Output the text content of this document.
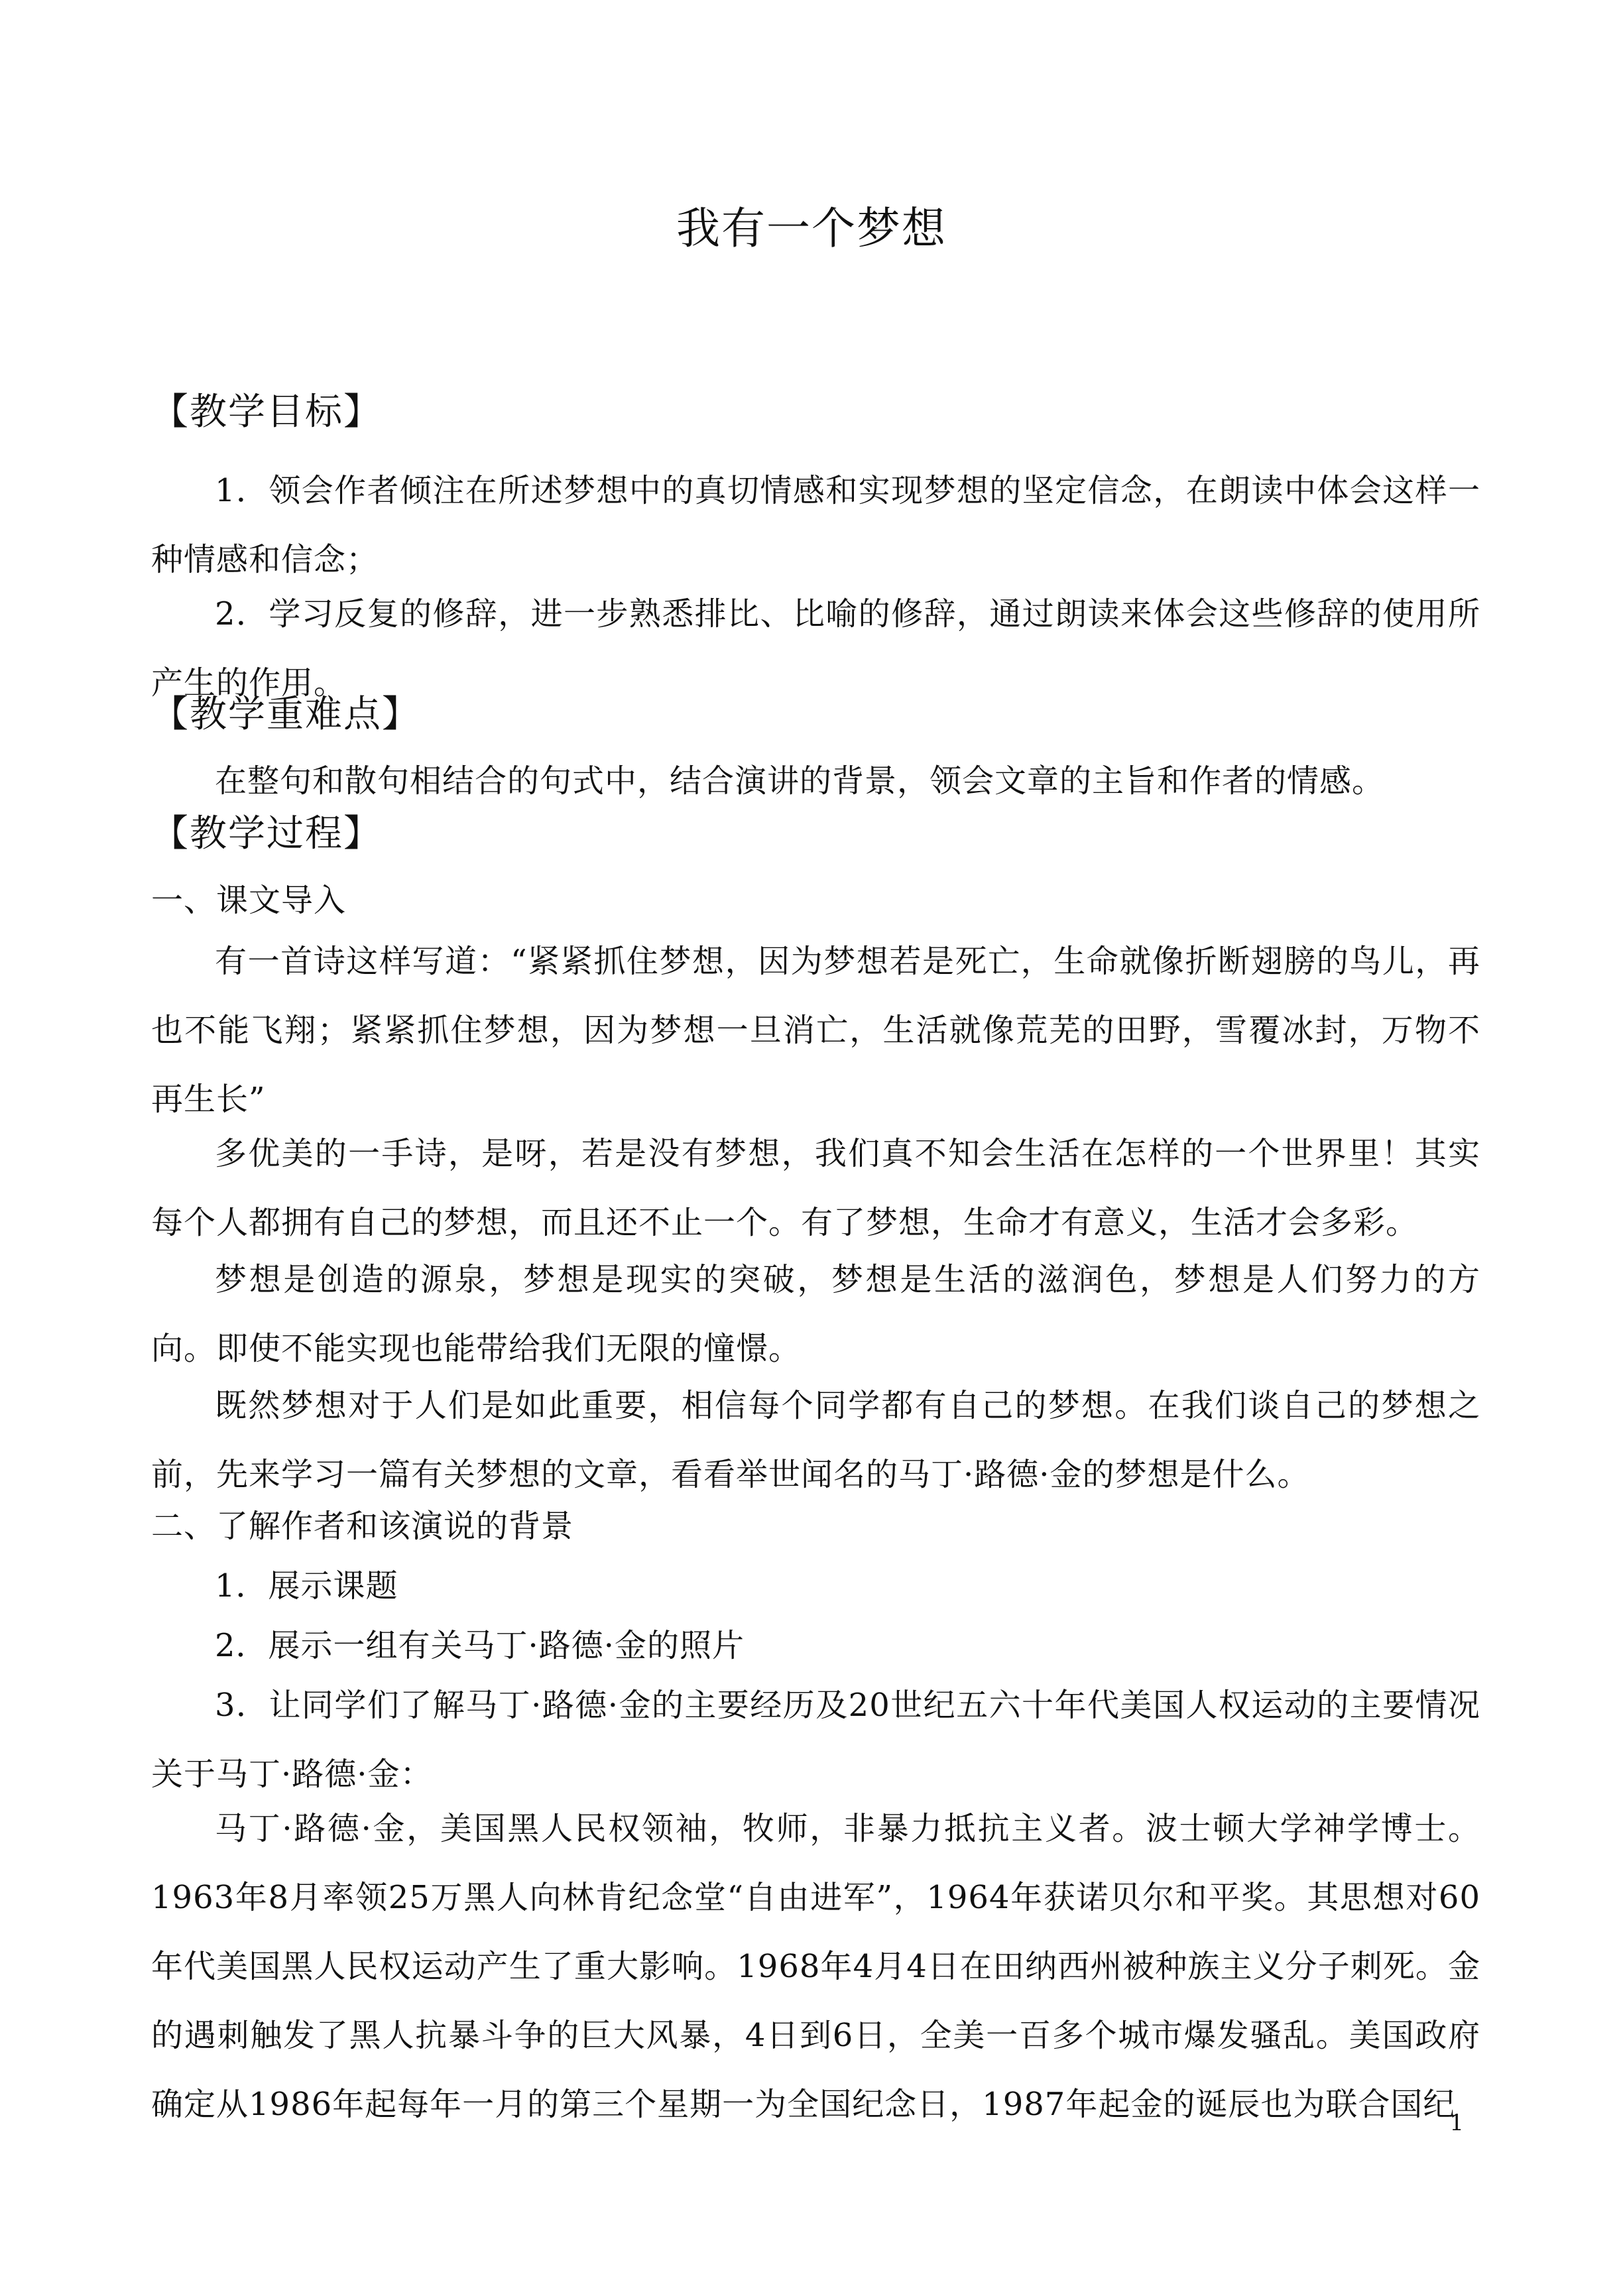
我有一个梦想
【教学目标】
1．领会作者倾注在所述梦想中的真切情感和实现梦想的坚定信念，在朗读中体会这样一种情感和信念；
2．学习反复的修辞，进一步熟悉排比、比喻的修辞，通过朗读来体会这些修辞的使用所产生的作用。
【教学重难点】
在整句和散句相结合的句式中，结合演讲的背景，领会文章的主旨和作者的情感。
【教学过程】
一、课文导入
有一首诗这样写道：“紧紧抓住梦想，因为梦想若是死亡，生命就像折断翅膀的鸟儿，再也不能飞翔；紧紧抓住梦想，因为梦想一旦消亡，生活就像荒芜的田野，雪覆冰封，万物不再生长”
多优美的一手诗，是呀，若是没有梦想，我们真不知会生活在怎样的一个世界里！其实每个人都拥有自己的梦想，而且还不止一个。有了梦想，生命才有意义，生活才会多彩。
梦想是创造的源泉，梦想是现实的突破，梦想是生活的滋润色，梦想是人们努力的方向。即使不能实现也能带给我们无限的憧憬。
既然梦想对于人们是如此重要，相信每个同学都有自己的梦想。在我们谈自己的梦想之前，先来学习一篇有关梦想的文章，看看举世闻名的马丁·路德·金的梦想是什么。
二、了解作者和该演说的背景
1．展示课题
2．展示一组有关马丁·路德·金的照片
3．让同学们了解马丁·路德·金的主要经历及20世纪五六十年代美国人权运动的主要情况　关于马丁·路德·金：
马丁·路德·金，美国黑人民权领袖，牧师，非暴力抵抗主义者。波士顿大学神学博士。1963年8月率领25万黑人向林肯纪念堂“自由进军”，1964年获诺贝尔和平奖。其思想对60年代美国黑人民权运动产生了重大影响。1968年4月4日在田纳西州被种族主义分子刺死。金的遇刺触发了黑人抗暴斗争的巨大风暴，4日到6日，全美一百多个城市爆发骚乱。美国政府确定从1986年起每年一月的第三个星期一为全国纪念日，1987年起金的诞辰也为联合国纪
1
